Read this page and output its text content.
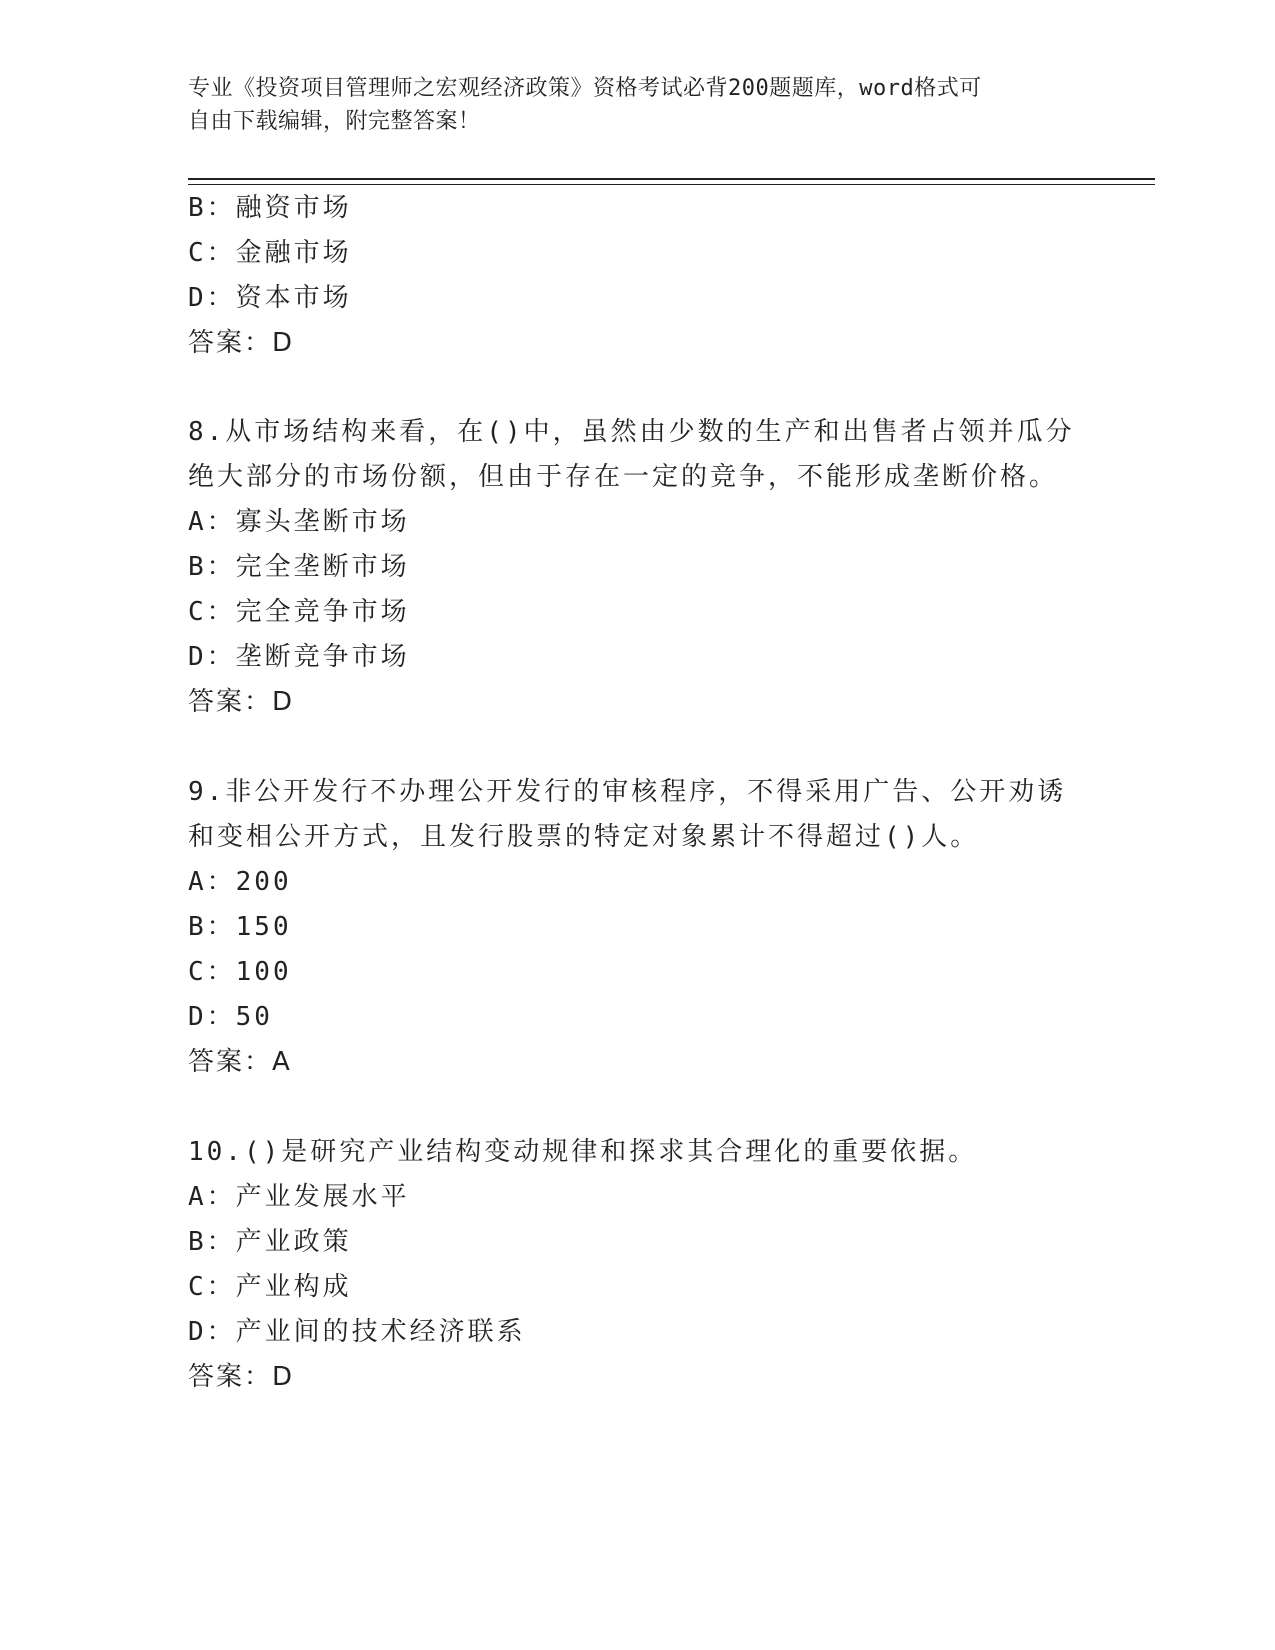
专业《投资项目管理师之宏观经济政策》资格考试必背200题题库，word格式可
自由下载编辑，附完整答案！
B：融资市场
C：金融市场
D：资本市场
答案：D
8.从市场结构来看，在()中，虽然由少数的生产和出售者占领并瓜分
绝大部分的市场份额，但由于存在一定的竞争，不能形成垄断价格。
A：寡头垄断市场
B：完全垄断市场
C：完全竞争市场
D：垄断竞争市场
答案：D
9.非公开发行不办理公开发行的审核程序，不得采用广告、公开劝诱
和变相公开方式，且发行股票的特定对象累计不得超过()人。
A：200
B：150
C：100
D：50
答案：A
10.()是研究产业结构变动规律和探求其合理化的重要依据。
A：产业发展水平
B：产业政策
C：产业构成
D：产业间的技术经济联系
答案：D
